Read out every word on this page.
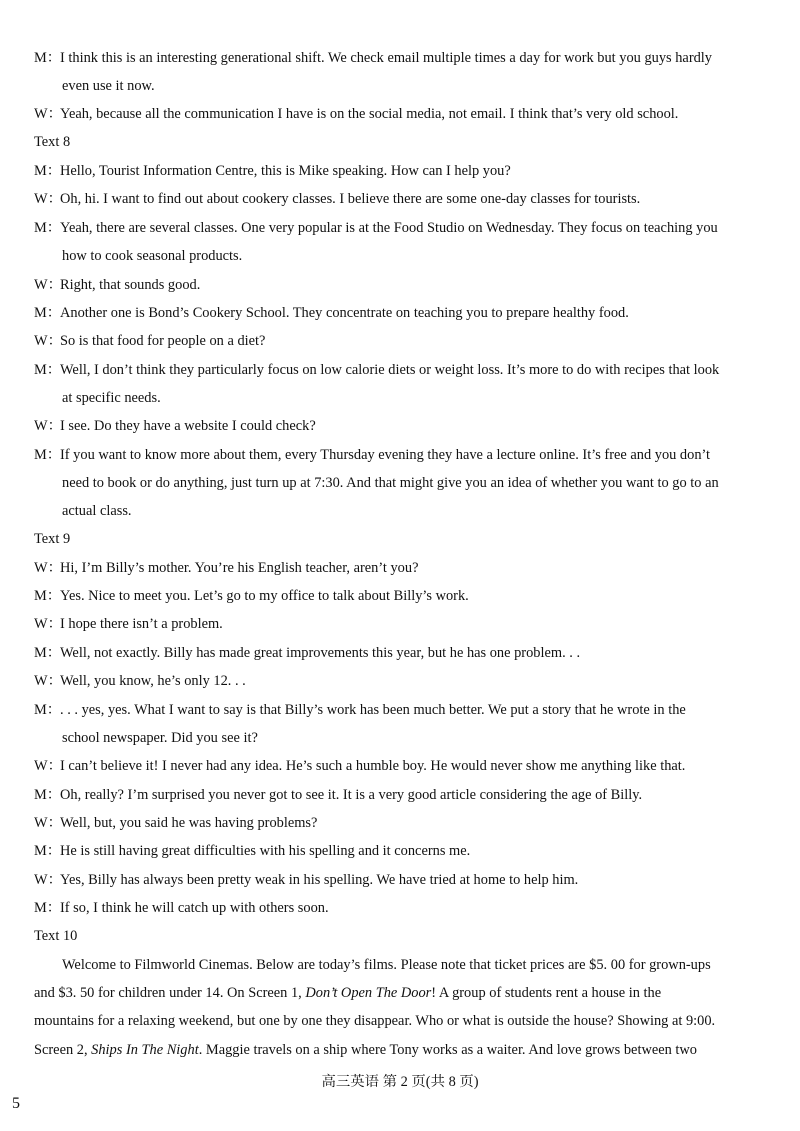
M：I think this is an interesting generational shift. We check email multiple times a day for work but you guys hardly
even use it now.
W：Yeah, because all the communication I have is on the social media, not email. I think that’s very old school.
Text 8
M：Hello, Tourist Information Centre, this is Mike speaking. How can I help you?
W：Oh, hi. I want to find out about cookery classes. I believe there are some one-day classes for tourists.
M：Yeah, there are several classes. One very popular is at the Food Studio on Wednesday. They focus on teaching you
how to cook seasonal products.
W：Right, that sounds good.
M：Another one is Bond’s Cookery School. They concentrate on teaching you to prepare healthy food.
W：So is that food for people on a diet?
M：Well, I don’t think they particularly focus on low calorie diets or weight loss. It’s more to do with recipes that look
at specific needs.
W：I see. Do they have a website I could check?
M：If you want to know more about them, every Thursday evening they have a lecture online. It’s free and you don’t
need to book or do anything, just turn up at 7:30. And that might give you an idea of whether you want to go to an
actual class.
Text 9
W：Hi, I’m Billy’s mother. You’re his English teacher, aren’t you?
M：Yes. Nice to meet you. Let’s go to my office to talk about Billy’s work.
W：I hope there isn’t a problem.
M：Well, not exactly. Billy has made great improvements this year, but he has one problem. . .
W：Well, you know, he’s only 12. . .
M：. . . yes, yes. What I want to say is that Billy’s work has been much better. We put a story that he wrote in the
school newspaper. Did you see it?
W：I can’t believe it! I never had any idea. He’s such a humble boy. He would never show me anything like that.
M：Oh, really? I’m surprised you never got to see it. It is a very good article considering the age of Billy.
W：Well, but, you said he was having problems?
M：He is still having great difficulties with his spelling and it concerns me.
W：Yes, Billy has always been pretty weak in his spelling. We have tried at home to help him.
M：If so, I think he will catch up with others soon.
Text 10
Welcome to Filmworld Cinemas. Below are today’s films. Please note that ticket prices are $5. 00 for grown-ups
and $3. 50 for children under 14. On Screen 1, Don’t Open The Door! A group of students rent a house in the
mountains for a relaxing weekend, but one by one they disappear. Who or what is outside the house? Showing at 9:00.
Screen 2, Ships In The Night. Maggie travels on a ship where Tony works as a waiter. And love grows between two
高三英语 第 2 页(共 8 页)
5
